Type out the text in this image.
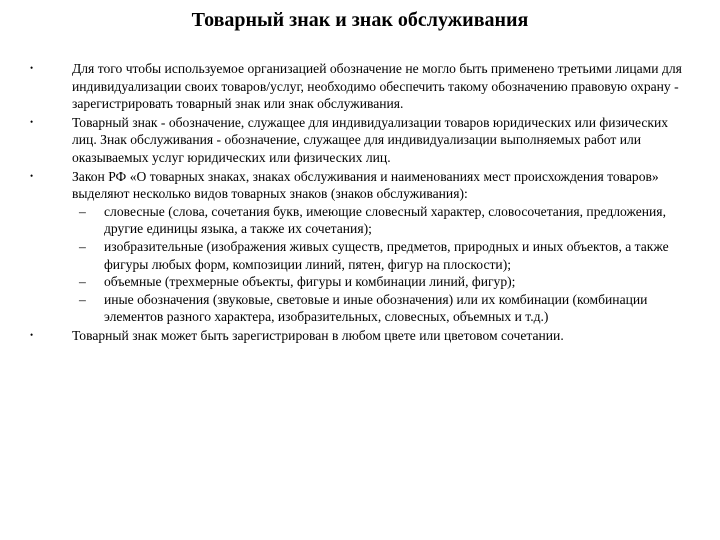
Товарный знак и знак обслуживания
•	Для того чтобы используемое организацией обозначение не могло быть применено третьими лицами для индивидуализации своих товаров/услуг, необходимо обеспечить такому обозначению правовую охрану - зарегистрировать товарный знак или знак обслуживания.
•	Товарный знак - обозначение, служащее для индивидуализации товаров юридических или физических лиц. Знак обслуживания - обозначение, служащее для индивидуализации выполняемых работ или оказываемых услуг юридических или физических лиц.
•	Закон РФ «О товарных знаках, знаках обслуживания и наименованиях мест происхождения товаров» выделяют несколько видов товарных знаков (знаков обслуживания):
– словесные (слова, сочетания букв, имеющие словесный характер, словосочетания, предложения, другие единицы языка, а также их сочетания);
– изобразительные (изображения живых существ, предметов, природных и иных объектов, а также фигуры любых форм, композиции линий, пятен, фигур на плоскости);
– объемные (трехмерные объекты, фигуры и комбинации линий, фигур);
– иные обозначения (звуковые, световые и иные обозначения) или их комбинации (комбинации элементов разного характера, изобразительных, словесных, объемных и т.д.)
•	Товарный знак может быть зарегистрирован в любом цвете или цветовом сочетании.
